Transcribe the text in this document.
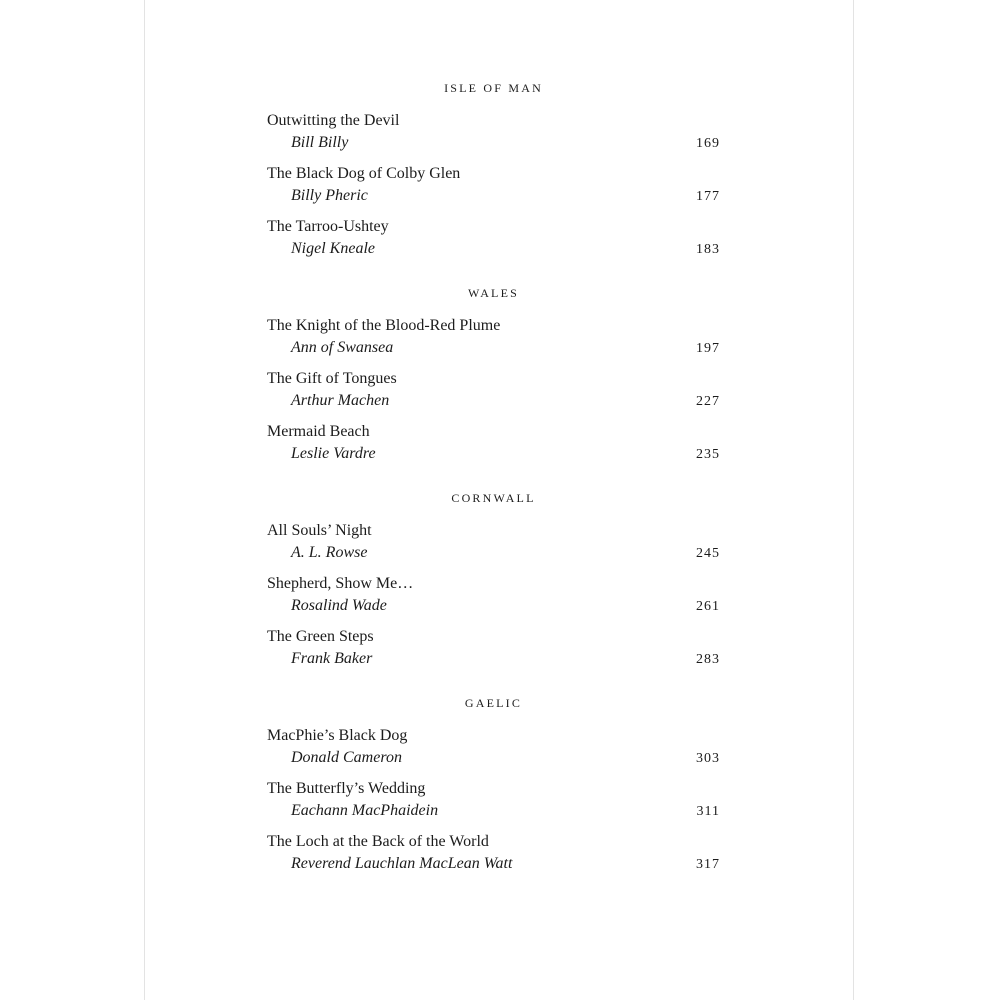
ISLE OF MAN
Outwitting the Devil
Bill Billy	169
The Black Dog of Colby Glen
Billy Pheric	177
The Tarroo-Ushtey
Nigel Kneale	183
WALES
The Knight of the Blood-Red Plume
Ann of Swansea	197
The Gift of Tongues
Arthur Machen	227
Mermaid Beach
Leslie Vardre	235
CORNWALL
All Souls’ Night
A. L. Rowse	245
Shepherd, Show Me…
Rosalind Wade	261
The Green Steps
Frank Baker	283
GAELIC
MacPhie’s Black Dog
Donald Cameron	303
The Butterfly’s Wedding
Eachann MacPhaidein	311
The Loch at the Back of the World
Reverend Lauchlan MacLean Watt	317
